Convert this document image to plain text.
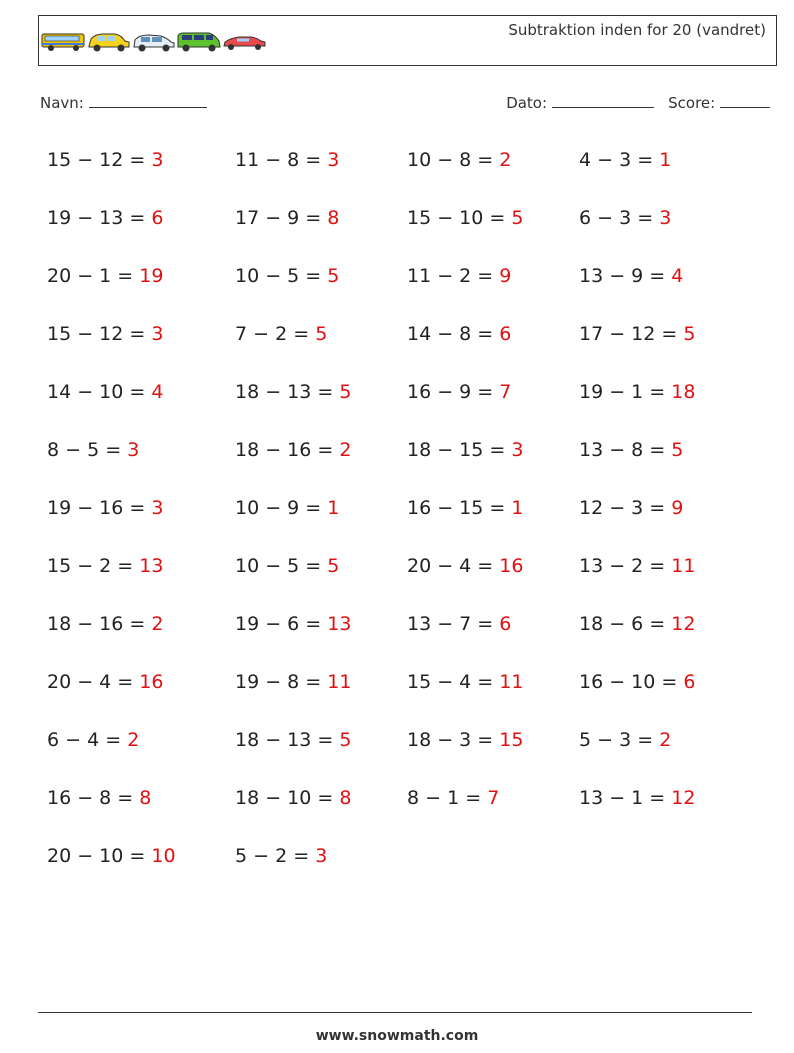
Subtraktion inden for 20 (vandret)
Navn:	Dato:	Score:
15 − 12 = 3	11 − 8 = 3	10 − 8 = 2	4 − 3 = 1
19 − 13 = 6	17 − 9 = 8	15 − 10 = 5	6 − 3 = 3
20 − 1 = 19	10 − 5 = 5	11 − 2 = 9	13 − 9 = 4
15 − 12 = 3	7 − 2 = 5	14 − 8 = 6	17 − 12 = 5
14 − 10 = 4	18 − 13 = 5	16 − 9 = 7	19 − 1 = 18
8 − 5 = 3	18 − 16 = 2	18 − 15 = 3	13 − 8 = 5
19 − 16 = 3	10 − 9 = 1	16 − 15 = 1	12 − 3 = 9
15 − 2 = 13	10 − 5 = 5	20 − 4 = 16	13 − 2 = 11
18 − 16 = 2	19 − 6 = 13	13 − 7 = 6	18 − 6 = 12
20 − 4 = 16	19 − 8 = 11	15 − 4 = 11	16 − 10 = 6
6 − 4 = 2	18 − 13 = 5	18 − 3 = 15	5 − 3 = 2
16 − 8 = 8	18 − 10 = 8	8 − 1 = 7	13 − 1 = 12
20 − 10 = 10	5 − 2 = 3
www.snowmath.com
